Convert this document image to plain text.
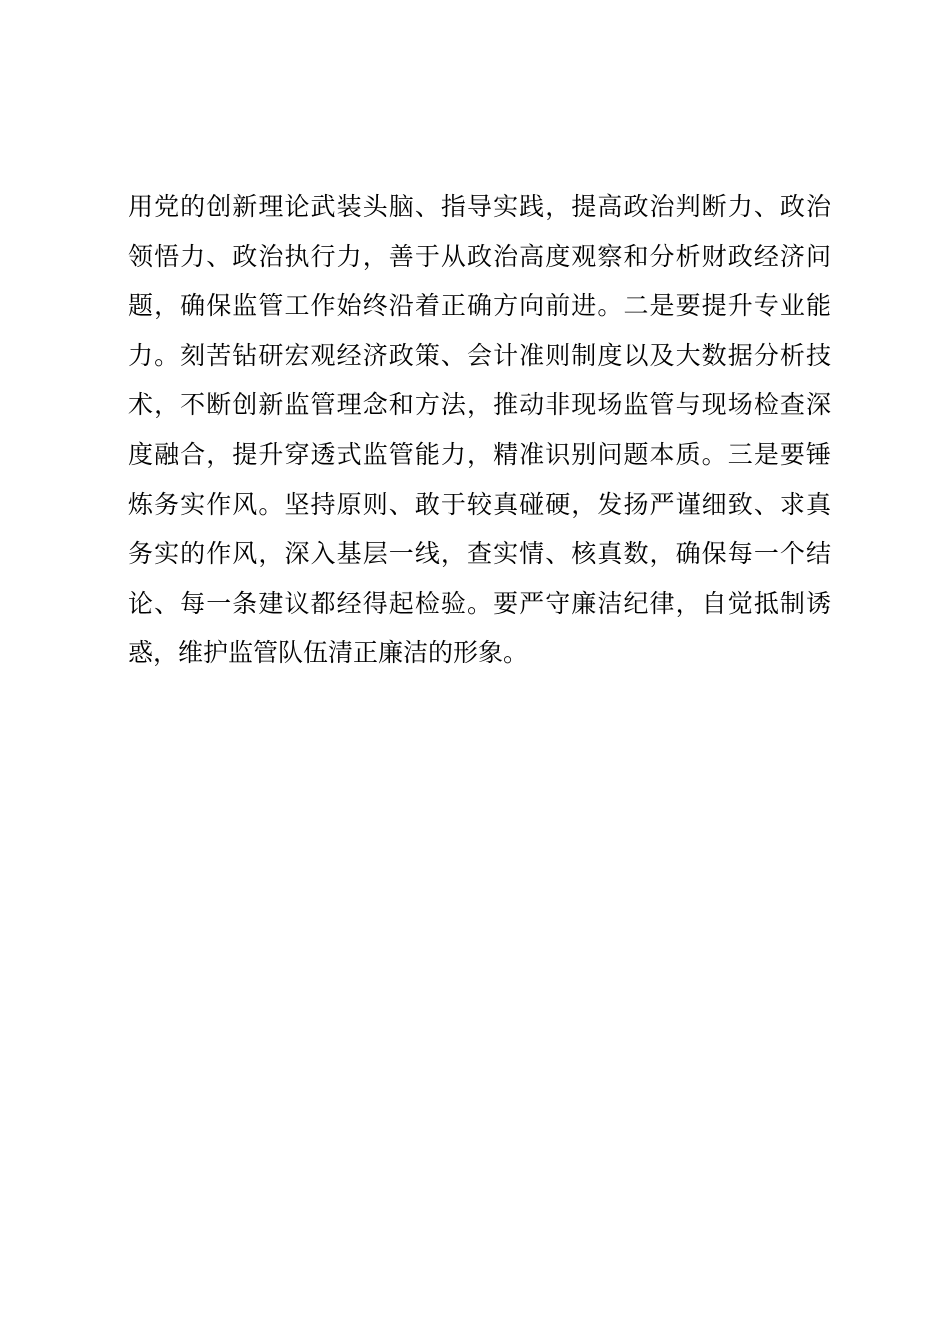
用党的创新理论武装头脑、指导实践，提高政治判断力、政治
领悟力、政治执行力，善于从政治高度观察和分析财政经济问
题，确保监管工作始终沿着正确方向前进。二是要提升专业能
力。刻苦钻研宏观经济政策、会计准则制度以及大数据分析技
术，不断创新监管理念和方法，推动非现场监管与现场检查深
度融合，提升穿透式监管能力，精准识别问题本质。三是要锤
炼务实作风。坚持原则、敢于较真碰硬，发扬严谨细致、求真
务实的作风，深入基层一线，查实情、核真数，确保每一个结
论、每一条建议都经得起检验。要严守廉洁纪律，自觉抵制诱
惑，维护监管队伍清正廉洁的形象。
